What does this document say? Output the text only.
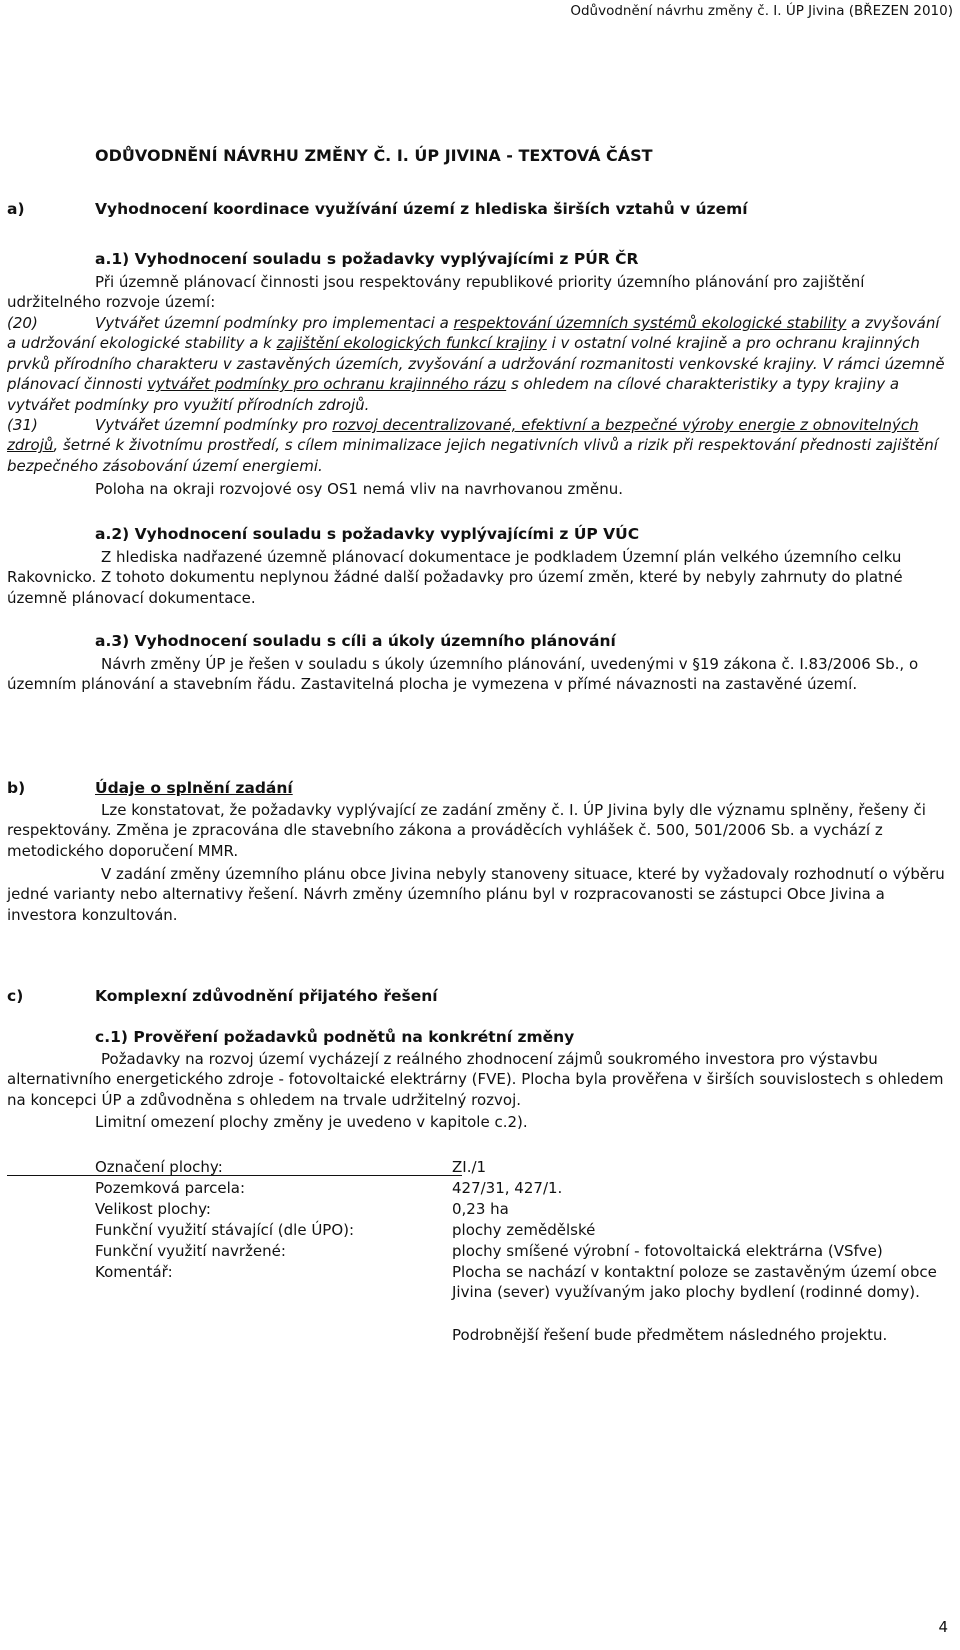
Odůvodnění návrhu změny č. I. ÚP Jivina (BŘEZEN 2010)
ODŮVODNĚNÍ NÁVRHU ZMĚNY Č. I. ÚP JIVINA - TEXTOVÁ ČÁST
a)	Vyhodnocení koordinace využívání území z hlediska širších vztahů v území
a.1) Vyhodnocení souladu s požadavky vyplývajícími z PÚR ČR

Při územně plánovací činnosti jsou respektovány republikové priority územního plánování pro zajištění udržitelného rozvoje území:

(20)	Vytvářet územní podmínky pro implementaci a respektování územních systémů ekologické stability a zvyšování a udržování ekologické stability a k zajištění ekologických funkcí krajiny i v ostatní volné krajině a pro ochranu krajinných prvků přírodního charakteru v zastavěných územích, zvyšování a udržování rozmanitosti venkovské krajiny. V rámci územně plánovací činnosti vytvářet podmínky pro ochranu krajinného rázu s ohledem na cílové charakteristiky a typy krajiny a vytvářet podmínky pro využití přírodních zdrojů.

(31)	Vytvářet územní podmínky pro rozvoj decentralizované, efektivní a bezpečné výroby energie z obnovitelných zdrojů, šetrné k životnímu prostředí, s cílem minimalizace jejich negativních vlivů a rizik při respektování přednosti zajištění bezpečného zásobování území energiemi.

Poloha na okraji rozvojové osy OS1 nemá vliv na navrhovanou změnu.
a.2) Vyhodnocení souladu s požadavky vyplývajícími z ÚP VÚC

Z hlediska nadřazené územně plánovací dokumentace je podkladem Územní plán velkého územního celku Rakovnicko. Z tohoto dokumentu neplynou žádné další požadavky pro území změn, které by nebyly zahrnuty do platné územně plánovací dokumentace.

a.3) Vyhodnocení souladu s cíli a úkoly územního plánování

Návrh změny ÚP je řešen v souladu s úkoly územního plánování, uvedenými v §19 zákona č. I.83/2006 Sb., o územním plánování a stavebním řádu. Zastavitelná plocha je vymezena v přímé návaznosti na zastavěné území.

b)	Údaje o splnění zadání

Lze konstatovat, že požadavky vyplývající ze zadání změny č. I. ÚP Jivina byly dle významu splněny, řešeny či respektovány. Změna je zpracována dle stavebního zákona a prováděcích vyhlášek č. 500, 501/2006 Sb. a vychází z metodického doporučení MMR.

V zadání změny územního plánu obce Jivina nebyly stanoveny situace, které by vyžadovaly rozhodnutí o výběru jedné varianty nebo alternativy řešení. Návrh změny územního plánu byl v rozpracovanosti se zástupci Obce Jivina a investora konzultován.

c)	Komplexní zdůvodnění přijatého řešení
c.1) Prověření požadavků podnětů na konkrétní změny

Požadavky na rozvoj území vycházejí z reálného zhodnocení zájmů soukromého investora pro výstavbu alternativního energetického zdroje - fotovoltaické elektrárny (FVE). Plocha byla prověřena v širších souvislostech s ohledem na koncepci ÚP a zdůvodněna s ohledem na trvale udržitelný rozvoj.

Limitní omezení plochy změny je uvedeno v kapitole c.2).
Označení plochy:	ZI./1
Pozemková parcela:	427/31, 427/1.
Velikost plochy:	0,23 ha
Funkční využití stávající (dle ÚPO):	plochy zemědělské
Funkční využití navržené:	plochy smíšené výrobní - fotovoltaická elektrárna (VSfve)
Komentář:	Plocha se nachází v kontaktní poloze se zastavěným území obce Jivina (sever) využívaným jako plochy bydlení (rodinné domy).
Podrobnější řešení bude předmětem následného projektu.
4
